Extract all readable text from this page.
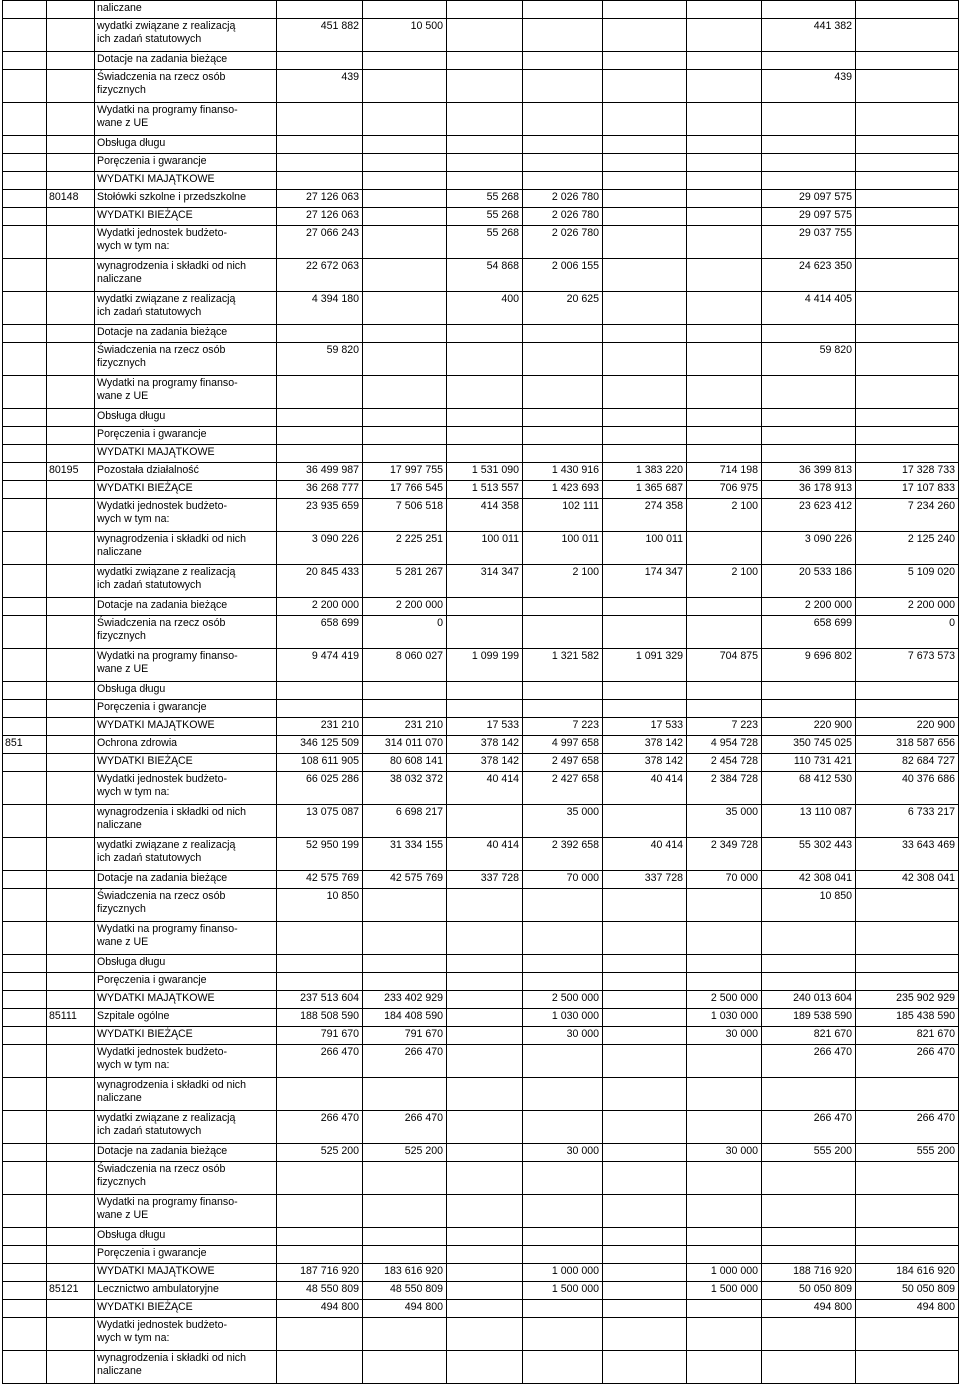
		naliczane								
		wydatki związane z realizacją
ich zadań statutowych	451 882	10 500					441 382	
		Dotacje na zadania bieżące								
		Świadczenia na rzecz osób
fizycznych	439						439	
		Wydatki na programy finanso-
wane z UE								
		Obsługa długu								
		Poręczenia i gwarancje								
		WYDATKI MAJĄTKOWE								
	80148	Stołówki szkolne i przedszkolne	27 126 063		55 268	2 026 780			29 097 575	
		WYDATKI BIEŻĄCE	27 126 063		55 268	2 026 780			29 097 575	
		Wydatki jednostek budżeto-
wych w tym na:	27 066 243		55 268	2 026 780			29 037 755	
		wynagrodzenia i składki od nich
naliczane	22 672 063		54 868	2 006 155			24 623 350	
		wydatki związane z realizacją
ich zadań statutowych	4 394 180		400	20 625			4 414 405	
		Dotacje na zadania bieżące								
		Świadczenia na rzecz osób
fizycznych	59 820						59 820	
		Wydatki na programy finanso-
wane z UE								
		Obsługa długu								
		Poręczenia i gwarancje								
		WYDATKI MAJĄTKOWE								
	80195	Pozostała działalność	36 499 987	17 997 755	1 531 090	1 430 916	1 383 220	714 198	36 399 813	17 328 733
		WYDATKI BIEŻĄCE	36 268 777	17 766 545	1 513 557	1 423 693	1 365 687	706 975	36 178 913	17 107 833
		Wydatki jednostek budżeto-
wych w tym na:	23 935 659	7 506 518	414 358	102 111	274 358	2 100	23 623 412	7 234 260
		wynagrodzenia i składki od nich
naliczane	3 090 226	2 225 251	100 011	100 011	100 011		3 090 226	2 125 240
		wydatki związane z realizacją
ich zadań statutowych	20 845 433	5 281 267	314 347	2 100	174 347	2 100	20 533 186	5 109 020
		Dotacje na zadania bieżące	2 200 000	2 200 000					2 200 000	2 200 000
		Świadczenia na rzecz osób
fizycznych	658 699	0					658 699	0
		Wydatki na programy finanso-
wane z UE	9 474 419	8 060 027	1 099 199	1 321 582	1 091 329	704 875	9 696 802	7 673 573
		Obsługa długu								
		Poręczenia i gwarancje								
		WYDATKI MAJĄTKOWE	231 210	231 210	17 533	7 223	17 533	7 223	220 900	220 900
851		Ochrona zdrowia	346 125 509	314 011 070	378 142	4 997 658	378 142	4 954 728	350 745 025	318 587 656
		WYDATKI BIEŻĄCE	108 611 905	80 608 141	378 142	2 497 658	378 142	2 454 728	110 731 421	82 684 727
		Wydatki jednostek budżeto-
wych w tym na:	66 025 286	38 032 372	40 414	2 427 658	40 414	2 384 728	68 412 530	40 376 686
		wynagrodzenia i składki od nich
naliczane	13 075 087	6 698 217		35 000		35 000	13 110 087	6 733 217
		wydatki związane z realizacją
ich zadań statutowych	52 950 199	31 334 155	40 414	2 392 658	40 414	2 349 728	55 302 443	33 643 469
		Dotacje na zadania bieżące	42 575 769	42 575 769	337 728	70 000	337 728	70 000	42 308 041	42 308 041
		Świadczenia na rzecz osób
fizycznych	10 850						10 850	
		Wydatki na programy finanso-
wane z UE								
		Obsługa długu								
		Poręczenia i gwarancje								
		WYDATKI MAJĄTKOWE	237 513 604	233 402 929		2 500 000		2 500 000	240 013 604	235 902 929
	85111	Szpitale ogólne	188 508 590	184 408 590		1 030 000		1 030 000	189 538 590	185 438 590
		WYDATKI BIEŻĄCE	791 670	791 670		30 000		30 000	821 670	821 670
		Wydatki jednostek budżeto-
wych w tym na:	266 470	266 470					266 470	266 470
		wynagrodzenia i składki od nich
naliczane								
		wydatki związane z realizacją
ich zadań statutowych	266 470	266 470					266 470	266 470
		Dotacje na zadania bieżące	525 200	525 200		30 000		30 000	555 200	555 200
		Świadczenia na rzecz osób
fizycznych								
		Wydatki na programy finanso-
wane z UE								
		Obsługa długu								
		Poręczenia i gwarancje								
		WYDATKI MAJĄTKOWE	187 716 920	183 616 920		1 000 000		1 000 000	188 716 920	184 616 920
	85121	Lecznictwo ambulatoryjne	48 550 809	48 550 809		1 500 000		1 500 000	50 050 809	50 050 809
		WYDATKI BIEŻĄCE	494 800	494 800					494 800	494 800
		Wydatki jednostek budżeto-
wych w tym na:								
		wynagrodzenia i składki od nich
naliczane								
